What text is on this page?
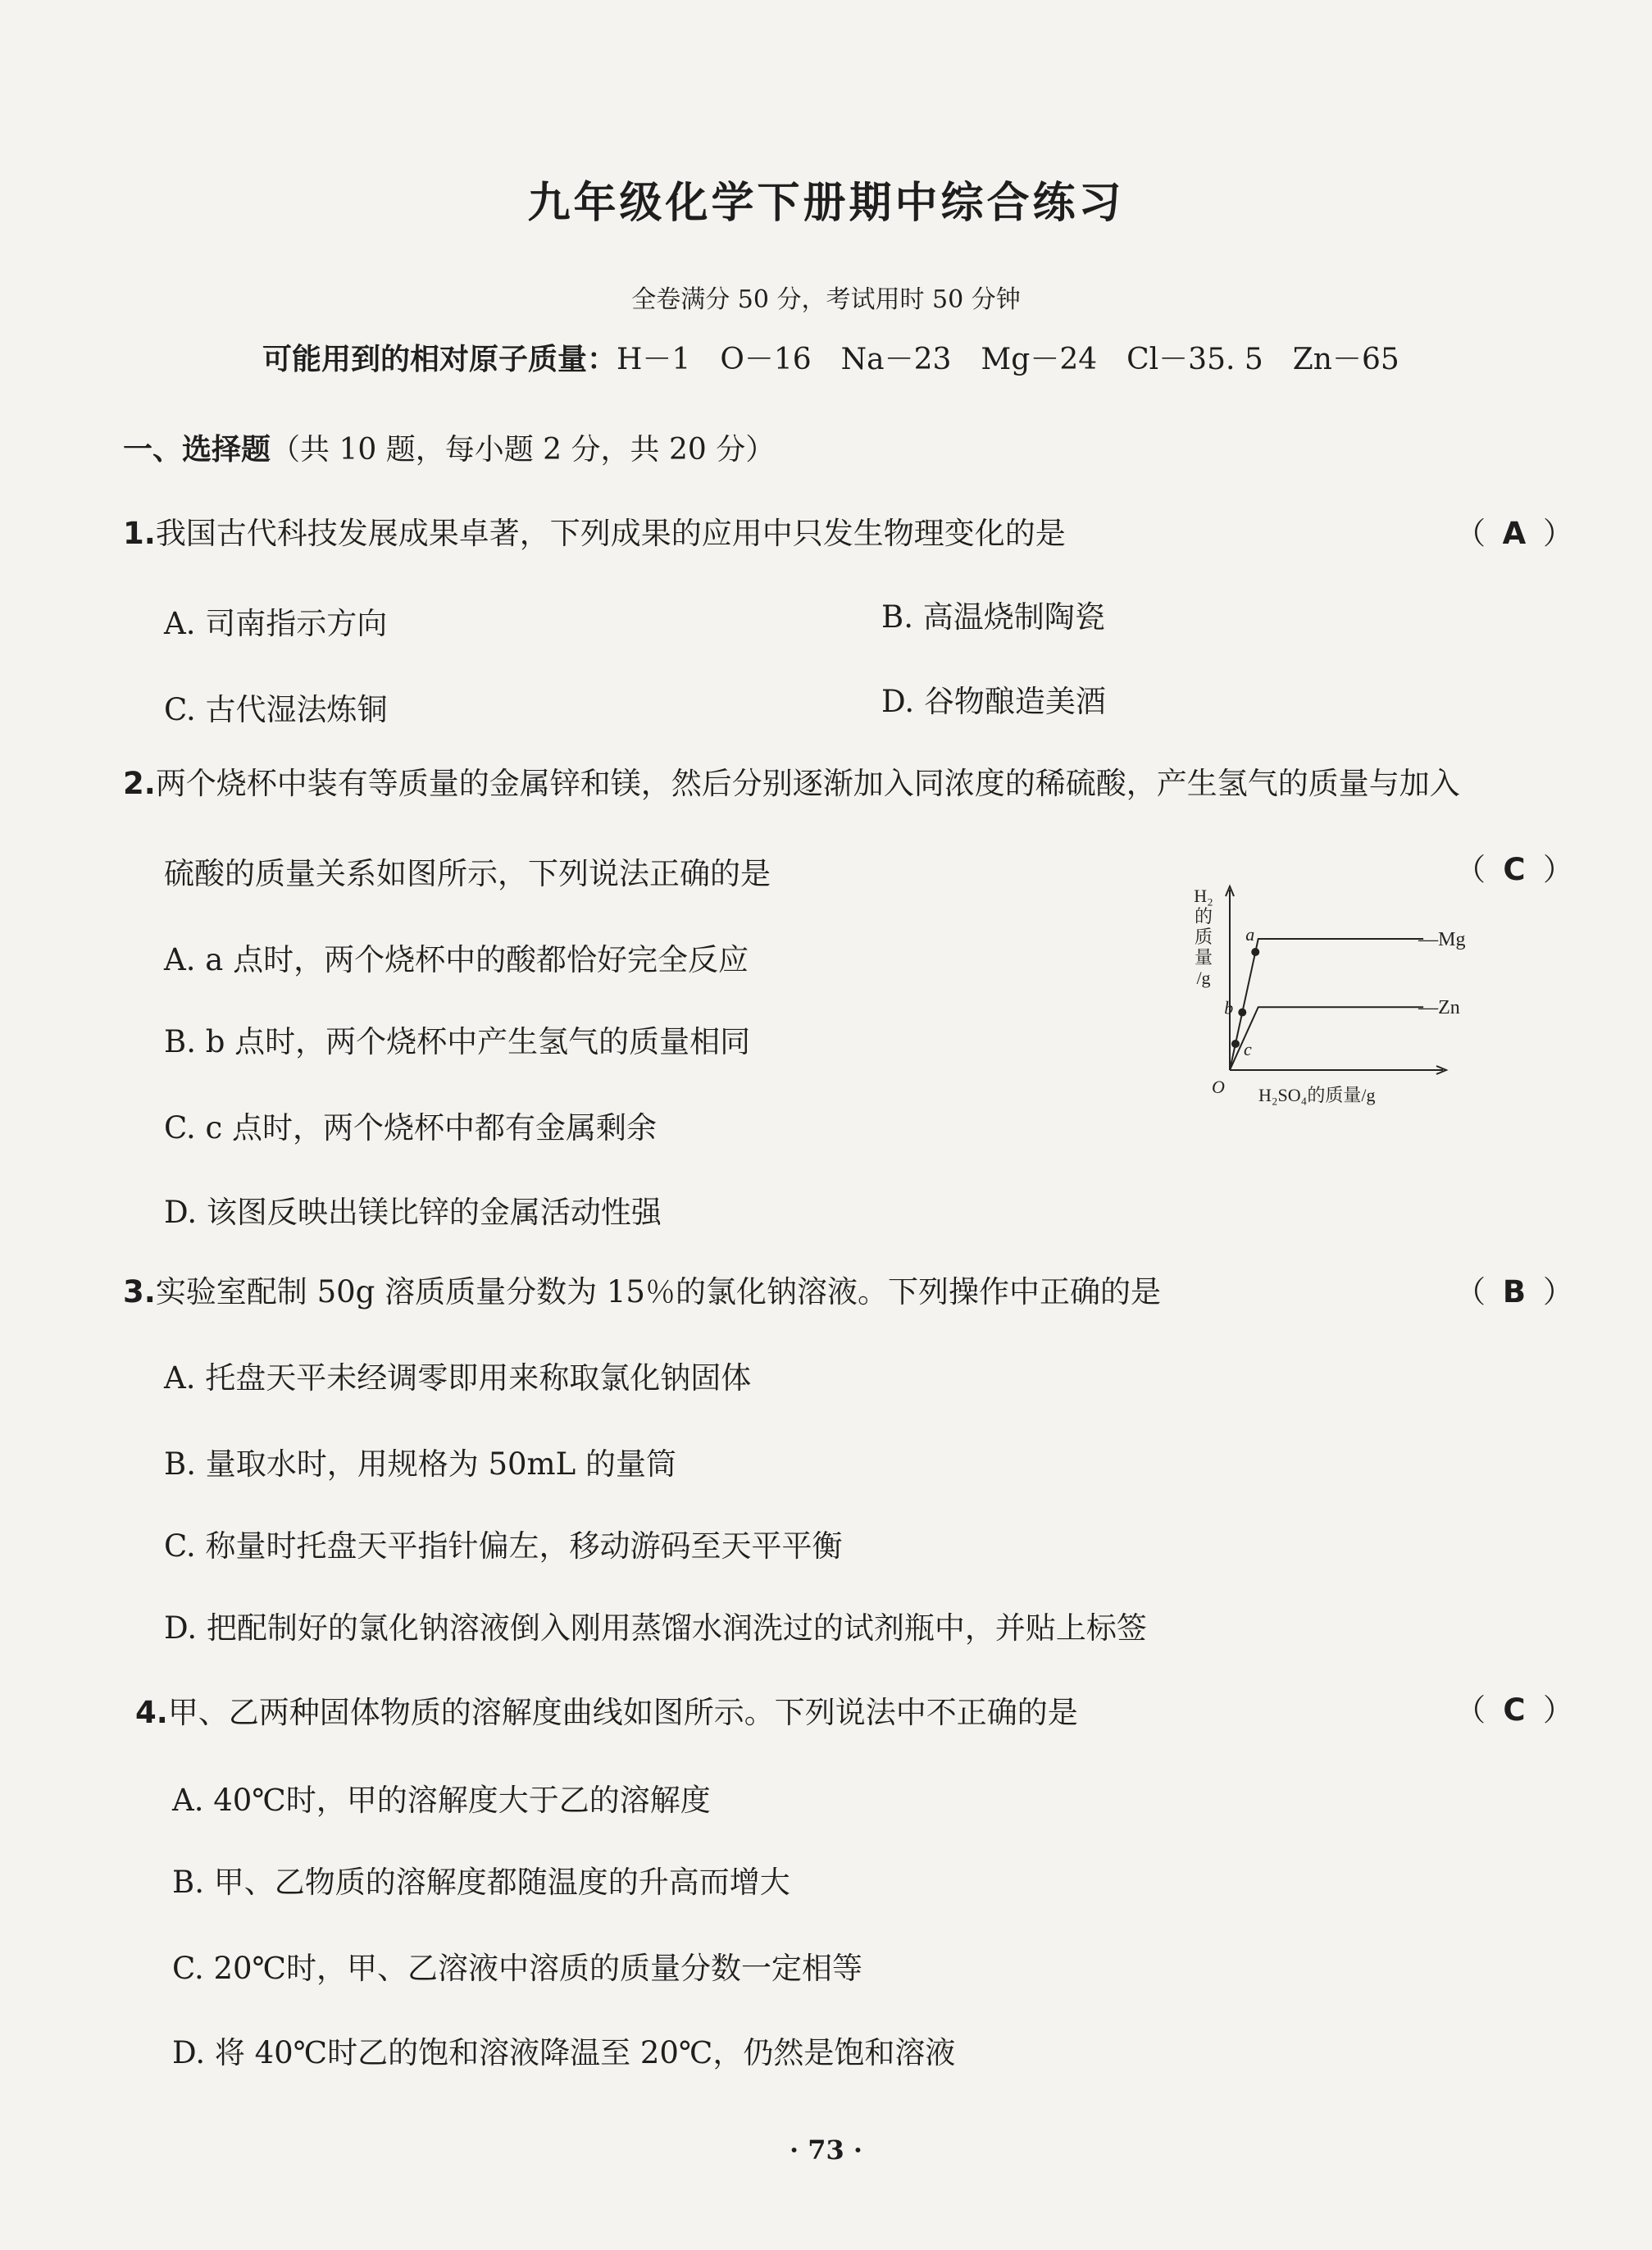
九年级化学下册期中综合练习
全卷满分 50 分，考试用时 50 分钟
可能用到的相对原子质量：H－1　O－16　Na－23　Mg－24　Cl－35. 5　Zn－65
一、选择题（共 10 题，每小题 2 分，共 20 分）
1.我国古代科技发展成果卓著，下列成果的应用中只发生物理变化的是	（ A ）
A. 司南指示方向	B. 高温烧制陶瓷
C. 古代湿法炼铜	D. 谷物酿造美酒
2.两个烧杯中装有等质量的金属锌和镁，然后分别逐渐加入同浓度的稀硫酸，产生氢气的质量与加入
硫酸的质量关系如图所示，下列说法正确的是	（ C ）
A. a 点时，两个烧杯中的酸都恰好完全反应
B. b 点时，两个烧杯中产生氢气的质量相同
C. c 点时，两个烧杯中都有金属剩余
D. 该图反映出镁比锌的金属活动性强
H₂
的
质
量
/g
H₂SO₄的质量/g
O
—Mg
—Zn
a
b
c
3.实验室配制 50g 溶质质量分数为 15％的氯化钠溶液。下列操作中正确的是	（ B ）
A. 托盘天平未经调零即用来称取氯化钠固体
B. 量取水时，用规格为 50mL 的量筒
C. 称量时托盘天平指针偏左，移动游码至天平平衡
D. 把配制好的氯化钠溶液倒入刚用蒸馏水润洗过的试剂瓶中，并贴上标签
4.甲、乙两种固体物质的溶解度曲线如图所示。下列说法中不正确的是	（ C ）
A. 40℃时，甲的溶解度大于乙的溶解度
B. 甲、乙物质的溶解度都随温度的升高而增大
C. 20℃时，甲、乙溶液中溶质的质量分数一定相等
D. 将 40℃时乙的饱和溶液降温至 20℃，仍然是饱和溶液
· 73 ·
